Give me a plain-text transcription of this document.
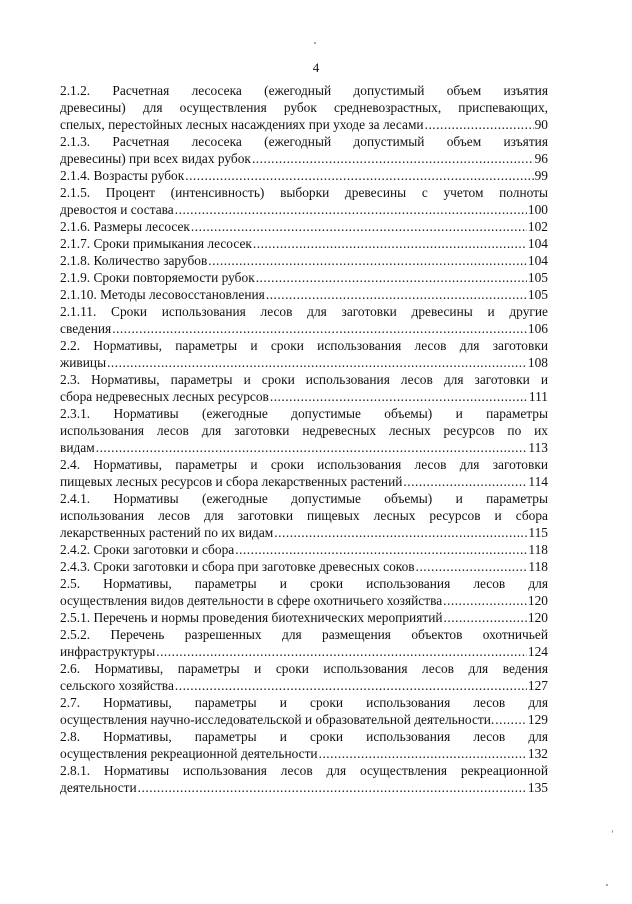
4
2.1.2. Расчетная лесосека (ежегодный допустимый объем изъятия
древесины) для осуществления рубок средневозрастных, приспевающих,
спелых, перестойных лесных насаждениях при уходе за лесами .....	90
2.1.3. Расчетная лесосека (ежегодный допустимый объем изъятия
древесины) при всех видах рубок .....	96
2.1.4. Возрасты рубок .....	99
2.1.5. Процент (интенсивность) выборки древесины с учетом полноты
древостоя и состава .....	100
2.1.6. Размеры лесосек .....	102
2.1.7. Сроки примыкания лесосек .....	104
2.1.8. Количество зарубов .....	104
2.1.9. Сроки повторяемости рубок .....	105
2.1.10. Методы лесовосстановления .....	105
2.1.11. Сроки использования лесов для заготовки древесины и другие
сведения .....	106
2.2. Нормативы, параметры и сроки использования лесов для заготовки
живицы .....	108
2.3. Нормативы, параметры и сроки использования лесов для заготовки и
сбора недревесных лесных ресурсов .....	111
2.3.1. Нормативы (ежегодные допустимые объемы) и параметры
использования лесов для заготовки недревесных лесных ресурсов по их
видам .....	113
2.4. Нормативы, параметры и сроки использования лесов для заготовки
пищевых лесных ресурсов и сбора лекарственных растений .....	114
2.4.1. Нормативы (ежегодные допустимые объемы) и параметры
использования лесов для заготовки пищевых лесных ресурсов и сбора
лекарственных растений по их видам .....	115
2.4.2. Сроки заготовки и сбора .....	118
2.4.3. Сроки заготовки и сбора при заготовке древесных соков .....	118
2.5. Нормативы, параметры и сроки использования лесов для
осуществления видов деятельности в сфере охотничьего хозяйства .....	120
2.5.1. Перечень и нормы проведения биотехнических мероприятий .....	120
2.5.2. Перечень разрешенных для размещения объектов охотничьей
инфраструктуры .....	124
2.6. Нормативы, параметры и сроки использования лесов для ведения
сельского хозяйства .....	127
2.7. Нормативы, параметры и сроки использования лесов для
осуществления научно-исследовательской и образовательной деятельности. .....	129
2.8. Нормативы, параметры и сроки использования лесов для
осуществления рекреационной деятельности .....	132
2.8.1. Нормативы использования лесов для осуществления рекреационной
деятельности .....	135
